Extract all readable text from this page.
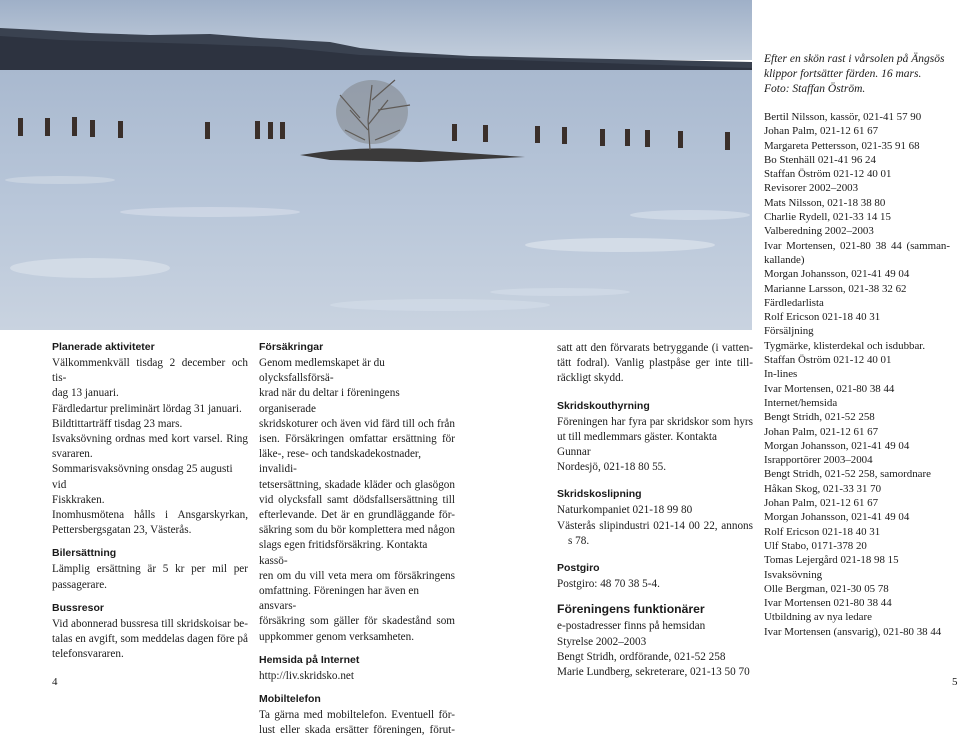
Efter en skön rast i vårsolen på Ängsös klippor fortsätter färden. 16 mars. Foto: Staffan Öström.

Planerade aktiviteter

Välkommenkväll tisdag 2 december och tis-

dag 13 januari.

Färdledartur preliminärt lördag 31 januari.

Bildtittarträff tisdag 23 mars.

Isvaksövning ordnas med kort varsel. Ring

svararen.

Sommarisvaksövning onsdag 25 augusti vid

Fiskkraken.

Inomhusmötena hålls i Ansgarskyrkan,

Pettersbergsgatan 23, Västerås.

Bilersättning

Lämplig ersättning är 5 kr per mil per

passagerare.

Bussresor

Vid abonnerad bussresa till skridskoisar be-

talas en avgift, som meddelas dagen före på

telefonsvararen.

Försäkringar

Genom medlemskapet är du olycksfallsförsä-

krad när du deltar i föreningens organiserade

skridskoturer och även vid färd till och från

isen. Försäkringen omfattar ersättning för

läke-, rese- och tandskadekostnader, invalidi-

tetsersättning, skadade kläder och glasögon

vid olycksfall samt dödsfallsersättning till

efterlevande. Det är en grundläggande för-

säkring som du bör komplettera med någon

slags egen fritidsförsäkring. Kontakta kassö-

ren om du vill veta mera om försäkringens

omfattning. Föreningen har även en ansvars-

försäkring som gäller för skadestånd som

uppkommer genom verksamheten.

Hemsida på Internet

http://liv.skridsko.net

Mobiltelefon

Ta gärna med mobiltelefon. Eventuell för-

lust eller skada ersätter föreningen, förut-

satt att den förvarats betryggande (i vatten-

tätt fodral). Vanlig plastpåse ger inte till-

räckligt skydd.

Skridskouthyrning

Föreningen har fyra par skridskor som hyrs

ut till medlemmars gäster. Kontakta Gunnar

Nordesjö, 021-18 80 55.

Skridskoslipning

Naturkompaniet 021-18 99 80

Västerås slipindustri 021-14 00 22, annons

s 78.

Postgiro

Postgiro: 48 70 38 5-4.

Föreningens funktionärer

e-postadresser finns på hemsidan

Styrelse 2002–2003

Bengt Stridh, ordförande, 021-52 258

Marie Lundberg, sekreterare, 021-13 50 70

Bertil Nilsson, kassör, 021-41 57 90

Johan Palm, 021-12 61 67

Margareta Pettersson, 021-35 91 68

Bo Stenhäll 021-41 96 24

Staffan Öström 021-12 40 01

Revisorer 2002–2003

Mats Nilsson, 021-18 38 80

Charlie Rydell, 021-33 14 15

Valberedning 2002–2003

Ivar Mortensen, 021-80 38 44 (samman-

kallande)

Morgan Johansson, 021-41 49 04

Marianne Larsson, 021-38 32 62

Färdledarlista

Rolf Ericson 021-18 40 31

Försäljning

Tygmärke, klisterdekal och isdubbar.

Staffan Öström 021-12 40 01

In-lines

Ivar Mortensen, 021-80 38 44

Internet/hemsida

Bengt Stridh, 021-52 258

Johan Palm, 021-12 61 67

Morgan Johansson, 021-41 49 04

Israpportörer 2003–2004

Bengt Stridh, 021-52 258, samordnare

Håkan Skog, 021-33 31 70

Johan Palm, 021-12 61 67

Morgan Johansson, 021-41 49 04

Rolf Ericson 021-18 40 31

Ulf Stabo, 0171-378 20

Tomas Lejergård 021-18 98 15

Isvaksövning

Olle Bergman, 021-30 05 78

Ivar Mortensen 021-80 38 44

Utbildning av nya ledare

Ivar Mortensen (ansvarig), 021-80 38 44

4	5
